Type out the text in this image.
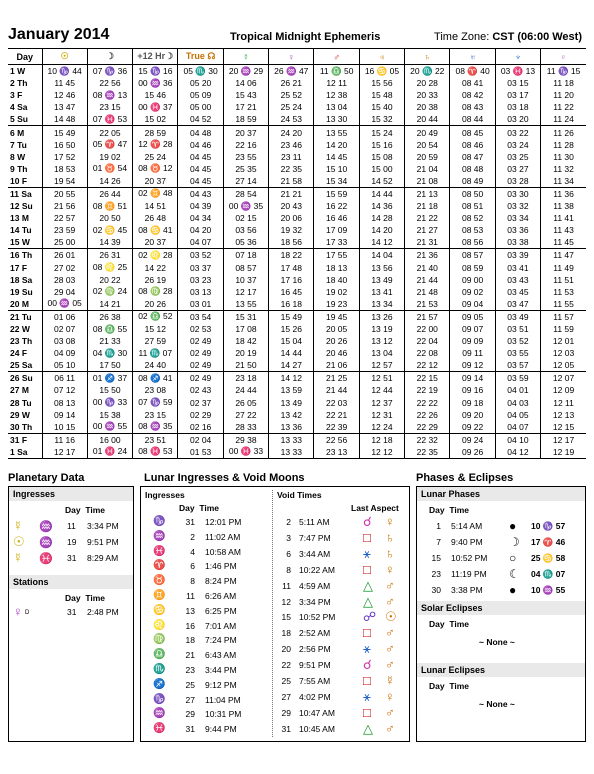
January 2014	Tropical Midnight Ephemeris	Time Zone: CST (06:00 West)
Day	☉	☽	+12 Hr☽	True ☊	☿	♀	♂	♃	♄	♅	♆	♇
1 W	10 ♑ 44	07 ♑ 36	15 ♑ 16	05 ♏ 30	20 ♒ 29	26 ♒ 47	11 ♎ 50	16 ♋ 05	20 ♏ 22	08 ♈ 40	03 ♓ 13	11 ♑ 15
2 Th	11 45	22 56	00 ♒ 36	05 20	14 06	26 21	12 11	15 56	20 28	08 41	03 15	11 18
3 F	12 46	08 ♒ 13	15 46	05 09	15 43	25 52	12 38	15 48	20 33	08 42	03 17	11 20
4 Sa	13 47	23 15	00 ♓ 37	05 00	17 21	25 24	13 04	15 40	20 38	08 43	03 18	11 22
5 Su	14 48	07 ♓ 53	15 02	04 52	18 59	24 53	13 30	15 32	20 44	08 44	03 20	11 24
6 M	15 49	22 05	28 59	04 48	20 37	24 20	13 55	15 24	20 49	08 45	03 22	11 26
7 Tu	16 50	05 ♈ 47	12 ♈ 28	04 46	22 16	23 46	14 20	15 16	20 54	08 46	03 24	11 28
8 W	17 52	19 02	25 24	04 45	23 55	23 11	14 45	15 08	20 59	08 47	03 25	11 30
9 Th	18 53	01 ♉ 54	08 ♉ 12	04 45	25 35	22 35	15 10	15 00	21 04	08 48	03 27	11 32
10 F	19 54	14 26	20 37	04 45	27 14	21 58	15 34	14 52	21 08	08 49	03 28	11 34
11 Sa	20 55	26 44	02 ♊ 48	04 43	28 54	21 21	15 59	14 44	21 13	08 50	03 30	11 36
12 Su	21 56	08 ♊ 51	14 51	04 39	00 ♒ 35	20 43	16 22	14 36	21 18	08 51	03 32	11 38
13 M	22 57	20 50	26 48	04 34	02 15	20 06	16 46	14 28	21 22	08 52	03 34	11 41
14 Tu	23 59	02 ♋ 45	08 ♋ 41	04 20	03 56	19 32	17 09	14 20	21 27	08 53	03 36	11 43
15 W	25 00	14 39	20 37	04 07	05 36	18 56	17 33	14 12	21 31	08 56	03 38	11 45
16 Th	26 01	26 31	02 ♌ 28	03 52	07 18	18 22	17 55	14 04	21 36	08 57	03 39	11 47
17 F	27 02	08 ♌ 25	14 22	03 37	08 57	17 48	18 13	13 56	21 40	08 59	03 41	11 49
18 Sa	28 03	20 22	26 19	03 23	10 37	17 16	18 40	13 49	21 44	09 00	03 43	11 51
19 Su	29 04	02 ♍ 24	08 ♍ 28	03 13	12 17	16 45	19 02	13 41	21 48	09 02	03 45	11 53
20 M	00 ♒ 05	14 21	20 26	03 01	13 55	16 18	19 23	13 34	21 53	09 04	03 47	11 55
21 Tu	01 06	26 38	02 ♎ 52	03 54	15 31	15 49	19 45	13 26	21 57	09 05	03 49	11 57
22 W	02 07	08 ♎ 55	15 12	02 53	17 08	15 26	20 05	13 19	22 00	09 07	03 51	11 59
23 Th	03 08	21 33	27 59	02 49	18 42	15 04	20 26	13 12	22 04	09 09	03 52	12 01
24 F	04 09	04 ♏ 30	11 ♏ 07	02 49	20 19	14 44	20 46	13 04	22 08	09 11	03 55	12 03
25 Sa	05 10	17 50	24 40	02 49	21 50	14 27	21 06	12 57	22 12	09 12	03 57	12 05
26 Su	06 11	01 ♐ 37	08 ♐ 41	02 49	23 18	14 12	21 25	12 51	22 15	09 14	03 59	12 07
27 M	07 12	15 50	23 08	02 43	24 44	13 59	21 44	12 44	22 19	09 16	04 01	12 09
28 Tu	08 13	00 ♑ 33	07 ♑ 59	02 37	26 05	13 49	22 03	12 37	22 22	09 18	04 03	12 11
29 W	09 14	15 38	23 15	02 29	27 22	13 42	22 21	12 31	22 26	09 20	04 05	12 13
30 Th	10 15	00 ♒ 55	08 ♒ 35	02 16	28 33	13 36	22 39	12 24	22 29	09 22	04 07	12 15
31 F	11 16	16 00	23 51	02 04	29 38	13 33	22 56	12 18	22 32	09 24	04 10	12 17
1 Sa	12 17	01 ♓ 24	08 ♓ 53	01 53	00 ♓ 33	13 33	23 13	12 12	22 35	09 26	04 12	12 19
Planetary Data
Ingresses
Day Time
☿ ♒ 11 3:34 PM
☉ ♒ 19 9:51 PM
☿ ♓ 31 8:29 AM
Stations
Day Time
♀ D	31 2:48 PM
Lunar Ingresses & Void Moons
Ingresses	Void Times
Last Aspect
Day Time
♑ 31 12:01 PM
♒	2 11:02 AM
♓	4 10:58 AM
♈	6 1:46 PM
♉	8 8:24 PM
♊	11 6:26 AM
♋ 13 6:25 PM
♌ 16 7:01 AM
♍ 18 7:24 PM
♎ 21 6:43 AM
♏ 23 3:44 PM
♐ 25 9:12 PM
♑ 27 11:04 PM
♒ 29 10:31 PM
♓ 31 9:44 PM
2 5:11 AM	☌ ♀
3 7:47 PM □ ♄
6 3:44 AM	⚹ ♄
8 10:22 AM □ ♀
11 4:59 AM	△ ♂
12 3:34 PM △ ♂
15 10:52 PM ☍ ☉
18 2:52 AM	□ ♂
20 2:56 PM ⚹ ♂
22 9:51 PM ☌ ♂
25 7:55 AM	□ ☿
27 4:02 PM ⚹ ♀
29 10:47 AM □ ♂
31 10:45 AM △ ♂
Phases & Eclipses
Lunar Phases
Day Time
1 5:14 AM ● 10 ♑ 57
7 9:40 PM ☽ 17 ♈ 46
15 10:52 PM ○ 25 ♋ 58
23 11:19 PM ☾ 04 ♏ 07
30 3:38 PM ● 10 ♒ 55
Solar Eclipses
Day Time
~ None ~
Lunar Eclipses
Day Time
~ None ~
